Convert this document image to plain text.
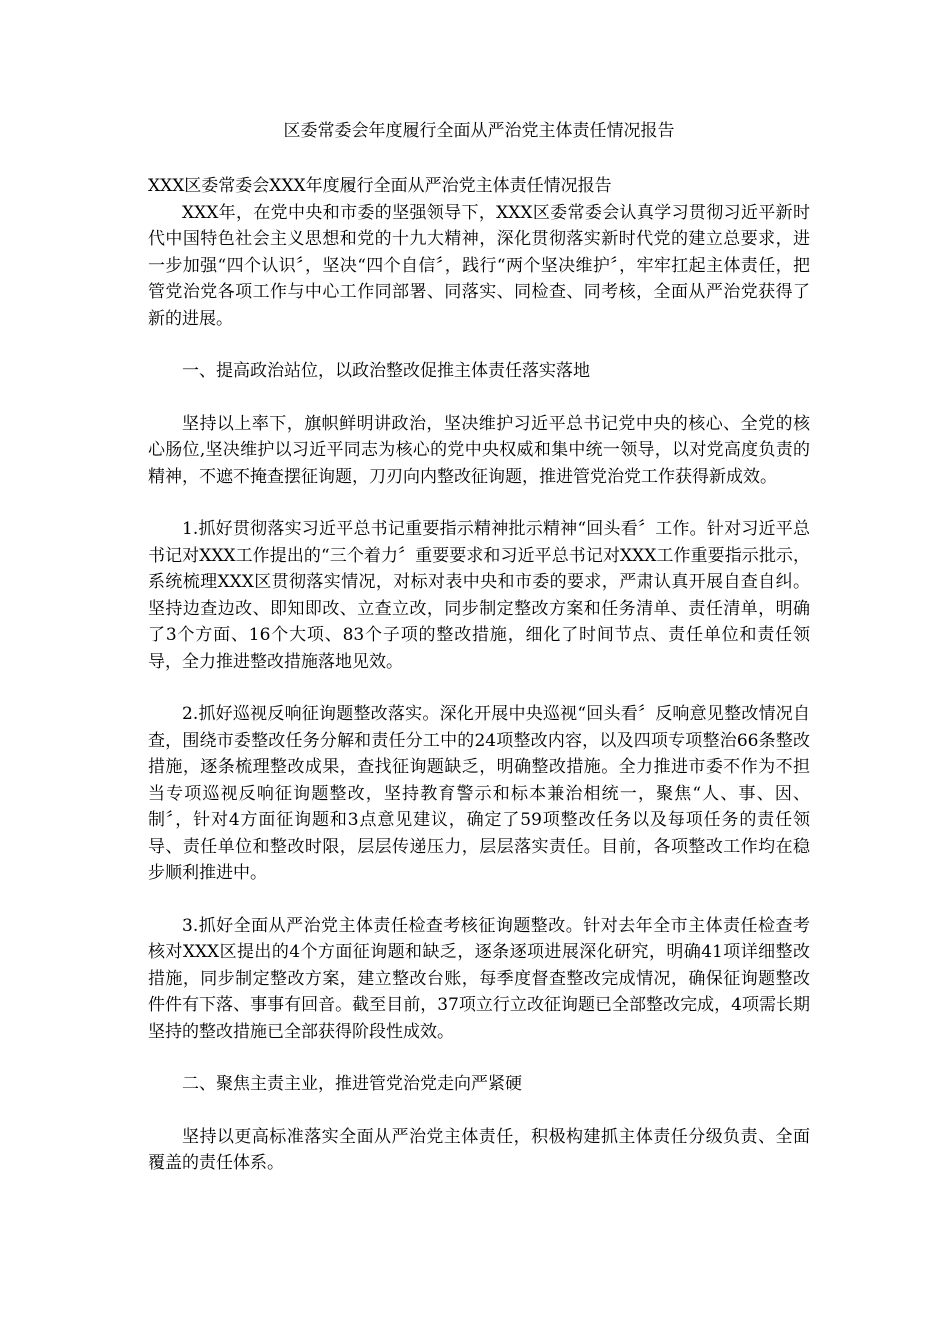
区委常委会年度履行全面从严治党主体责任情况报告

XXX区委常委会XXX年度履行全面从严治党主体责任情况报告

XXX年，在党中央和市委的坚强领导下，XXX区委常委会认真学习贯彻习近平新时代中国特色社会主义思想和党的十九大精神，深化贯彻落实新时代党的建立总要求，进一步加强“四个认识〞，坚决“四个自信〞，践行“两个坚决维护〞，牢牢扛起主体责任，把管党治党各项工作与中心工作同部署、同落实、同检查、同考核，全面从严治党获得了新的进展。

一、提高政治站位，以政治整改促推主体责任落实落地

坚持以上率下，旗帜鲜明讲政治，坚决维护习近平总书记党中央的核心、全党的核心肠位,坚决维护以习近平同志为核心的党中央权威和集中统一领导，以对党高度负责的精神，不遮不掩查摆征询题，刀刃向内整改征询题，推进管党治党工作获得新成效。

1.抓好贯彻落实习近平总书记重要指示精神批示精神“回头看〞工作。针对习近平总书记对XXX工作提出的“三个着力〞重要要求和习近平总书记对XXX工作重要指示批示，系统梳理XXX区贯彻落实情况，对标对表中央和市委的要求，严肃认真开展自查自纠。坚持边查边改、即知即改、立查立改，同步制定整改方案和任务清单、责任清单，明确了3个方面、16个大项、83个子项的整改措施，细化了时间节点、责任单位和责任领导，全力推进整改措施落地见效。

2.抓好巡视反响征询题整改落实。深化开展中央巡视“回头看〞反响意见整改情况自查，围绕市委整改任务分解和责任分工中的24项整改内容，以及四项专项整治66条整改措施，逐条梳理整改成果，查找征询题缺乏，明确整改措施。全力推进市委不作为不担当专项巡视反响征询题整改，坚持教育警示和标本兼治相统一，聚焦“人、事、因、制〞，针对4方面征询题和3点意见建议，确定了59项整改任务以及每项任务的责任领导、责任单位和整改时限，层层传递压力，层层落实责任。目前，各项整改工作均在稳步顺利推进中。

3.抓好全面从严治党主体责任检查考核征询题整改。针对去年全市主体责任检查考核对XXX区提出的4个方面征询题和缺乏，逐条逐项进展深化研究，明确41项详细整改措施，同步制定整改方案，建立整改台账，每季度督查整改完成情况，确保征询题整改件件有下落、事事有回音。截至目前，37项立行立改征询题已全部整改完成，4项需长期坚持的整改措施已全部获得阶段性成效。

二、聚焦主责主业，推进管党治党走向严紧硬

坚持以更高标准落实全面从严治党主体责任，积极构建抓主体责任分级负责、全面覆盖的责任体系。
